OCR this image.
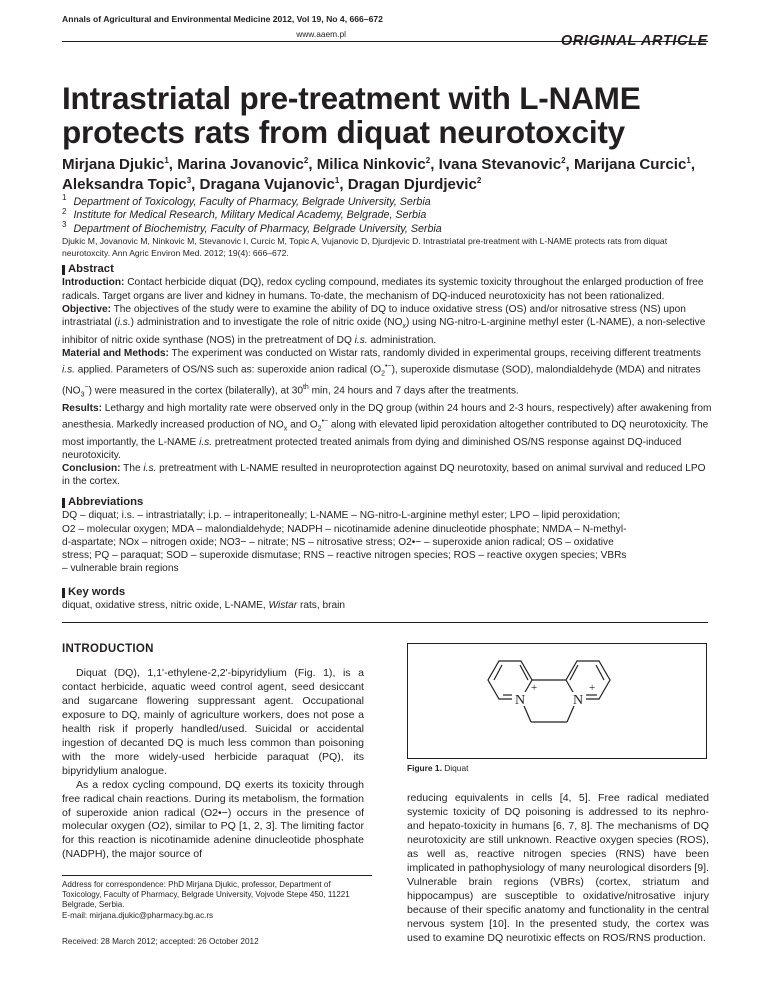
Annals of Agricultural and Environmental Medicine 2012, Vol 19, No 4, 666–672
www.aaem.pl	ORIGINAL ARTICLE
Intrastriatal pre-treatment with L-NAME protects rats from diquat neurotoxcity
Mirjana Djukic$^1$, Marina Jovanovic$^2$, Milica Ninkovic$^2$, Ivana Stevanovic$^2$, Marijana Curcic$^1$,
Aleksandra Topic$^3$, Dragana Vujanovic$^1$, Dragan Djurdjevic$^2$
$^1$ Department of Toxicology, Faculty of Pharmacy, Belgrade University, Serbia
$^2$ Institute for Medical Research, Military Medical Academy, Belgrade, Serbia
$^3$ Department of Biochemistry, Faculty of Pharmacy, Belgrade University, Serbia
Djukic M, Jovanovic M, Ninkovic M, Stevanovic I, Curcic M, Topic A, Vujanovic D, Djurdjevic D. Intrastriatal pre-treatment with L-NAME protects rats from diquat neurotoxcity. Ann Agric Environ Med. 2012; 19(4): 666–672.
Abstract

Introduction: Contact herbicide diquat (DQ), redox cycling compound, mediates its systemic toxicity throughout the enlarged production of free radicals. Target organs are liver and kidney in humans. To-date, the mechanism of DQ-induced neurotoxicity has not been rationalized.

Objective: The objectives of the study were to examine the ability of DQ to induce oxidative stress (OS) and/or nitrosative stress (NS) upon intrastriatal (i.s.) administration and to investigate the role of nitric oxide $(NO_x)$ using NG-nitro-L-arginine methyl ester (L-NAME), a non-selective inhibitor of nitric oxide synthase (NOS) in the pretreatment of DQ i.s. administration.

Material and Methods: The experiment was conducted on Wistar rats, randomly divided in experimental groups, receiving different treatments i.s. applied. Parameters of OS/NS such as: superoxide anion radical $(O_2^{•-})$, superoxide dismutase (SOD), malondialdehyde (MDA) and nitrates $(NO_3^-)$ were measured in the cortex (bilaterally), at 30th min, 24 hours and 7 days after the treatments.

Results: Lethargy and high mortality rate were observed only in the DQ group (within 24 hours and 2-3 hours, respectively) after awakening from anesthesia. Markedly increased production of $NO_x$ and $O_2^{•-}$ along with elevated lipid peroxidation altogether contributed to DQ neurotoxicity. The most importantly, the L-NAME i.s. pretreatment protected treated animals from dying and diminished OS/NS response against DQ-induced neurotoxicity.

Conclusion: The i.s. pretreatment with L-NAME resulted in neuroprotection against DQ neurotoxity, based on animal survival and reduced LPO in the cortex.

Abbreviations

DQ – diquat; i.s. – intrastriatally; i.p. – intraperitoneally; L-NAME – NG-nitro-L-arginine methyl ester; LPO – lipid peroxidation;

O2 – molecular oxygen; MDA – malondialdehyde; NADPH – nicotinamide adenine dinucleotide phosphate; NMDA – N-methyl-

d-aspartate; NOx – nitrogen oxide; NO3− – nitrate; NS – nitrosative stress; O2•− – superoxide anion radical; OS – oxidative

stress; PQ – paraquat; SOD – superoxide dismutase; RNS – reactive nitrogen species; ROS – reactive oxygen species; VBRs

– vulnerable brain regions

Key words

diquat, oxidative stress, nitric oxide, L-NAME, Wistar rats, brain

INTRODUCTION

Diquat (DQ), 1,1'-ethylene-2,2'-bipyridylium (Fig. 1), is a contact herbicide, aquatic weed control agent, seed desiccant and sugarcane flowering suppressant agent. Occupational exposure to DQ, mainly of agriculture workers, does not pose a health risk if properly handled/used. Suicidal or accidental ingestion of decanted DQ is much less common than poisoning with the more widely-used herbicide paraquat (PQ), its bipyridylium analogue.

As a redox cycling compound, DQ exerts its toxicity through free radical chain reactions. During its metabolism, the formation of superoxide anion radical (O2•−) occurs in the presence of molecular oxygen (O2), similar to PQ [1, 2, 3]. The limiting factor for this reaction is nicotinamide adenine dinucleotide phosphate (NADPH), the major source of

N	N
+	+
Figure 1. Diquat

reducing equivalents in cells [4, 5]. Free radical mediated systemic toxicity of DQ poisoning is addressed to its nephro- and hepato-toxicity in humans [6, 7, 8]. The mechanisms of DQ neurotoxicity are still unknown. Reactive oxygen species (ROS), as well as, reactive nitrogen species (RNS) have been implicated in pathophysiology of many neurological disorders [9]. Vulnerable brain regions (VBRs) (cortex, striatum and hippocampus) are susceptible to oxidative/nitrosative injury because of their specific anatomy and functionality in the central nervous system [10]. In the presented study, the cortex was used to examine DQ neurotixic effects on ROS/RNS production.

Address for correspondence: PhD Mirjana Djukic, professor, Department of Toxicology, Faculty of Pharmacy, Belgrade University, Vojvode Stepe 450, 11221 Belgrade, Serbia.
E-mail: mirjana.djukic@pharmacy.bg.ac.rs
Received: 28 March 2012; accepted: 26 October 2012
